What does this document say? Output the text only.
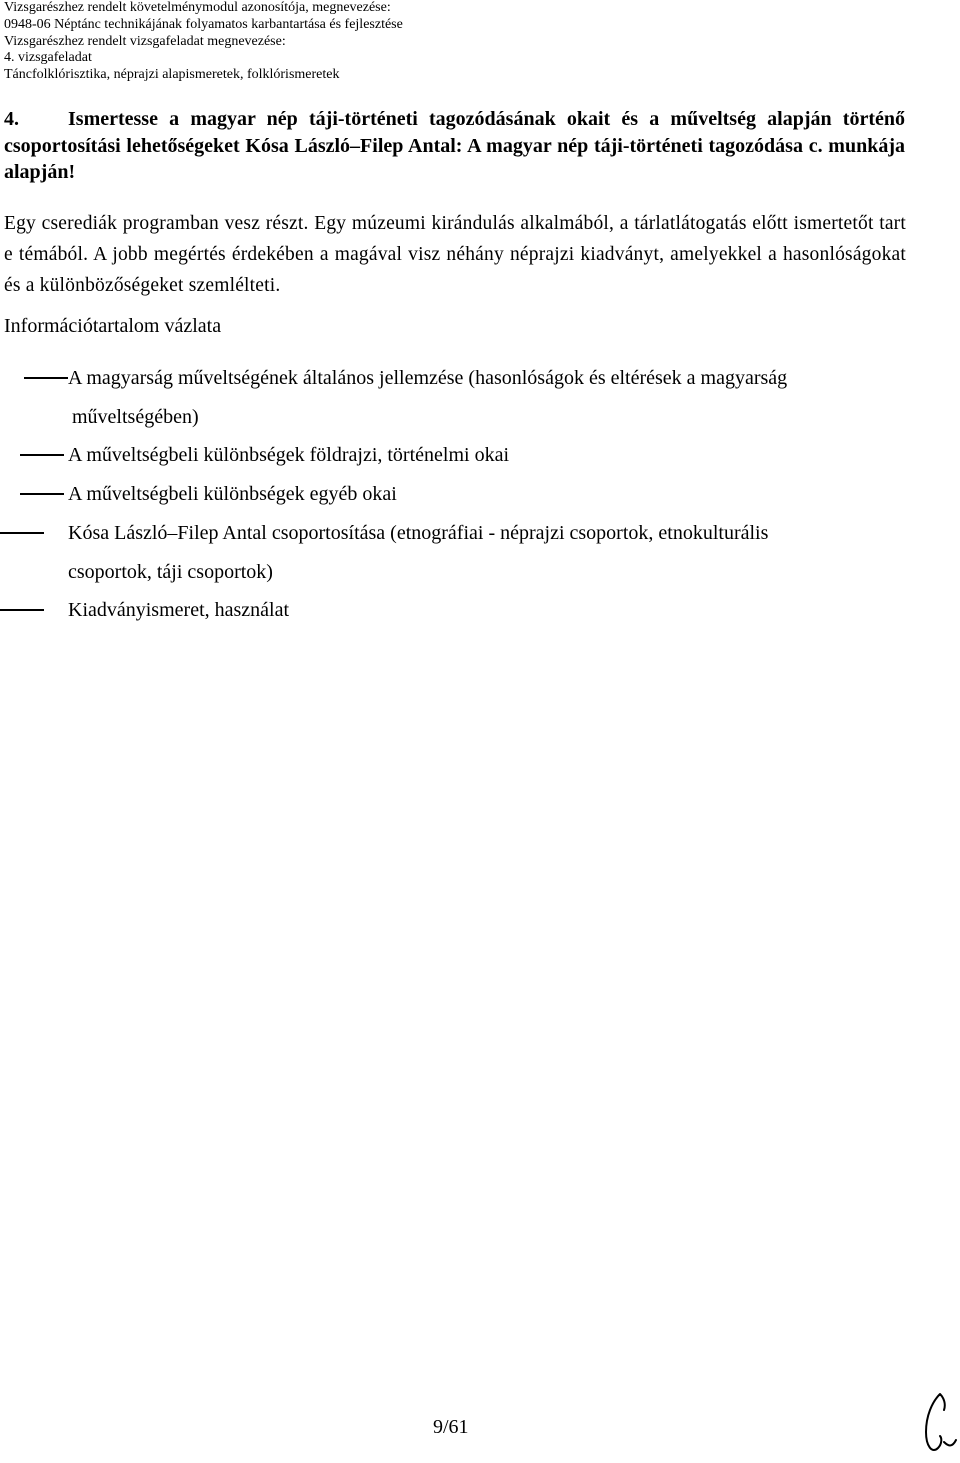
Vizsgarészhez rendelt követelménymodul azonosítója, megnevezése:
0948-06 Néptánc technikájának folyamatos karbantartása és fejlesztése
Vizsgarészhez rendelt vizsgafeladat megnevezése:
4. vizsgafeladat
Táncfolklórisztika, néprajzi alapismeretek, folklórismeretek
4. Ismertesse a magyar nép táji-történeti tagozódásának okait és a műveltség alapján történő csoportosítási lehetőségeket Kósa László–Filep Antal: A magyar nép táji-történeti tagozódása c. munkája alapján!
Egy cserediák programban vesz részt. Egy múzeumi kirándulás alkalmából, a tárlatlátogatás előtt ismertetőt tart e témából. A jobb megértés érdekében a magával visz néhány néprajzi kiadványt, amelyekkel a hasonlóságokat és a különbözőségeket szemlélteti.
Információtartalom vázlata
A magyarság műveltségének általános jellemzése (hasonlóságok és eltérések a magyarság
műveltségében)
A műveltségbeli különbségek földrajzi, történelmi okai
A műveltségbeli különbségek egyéb okai
Kósa László–Filep Antal csoportosítása (etnográfiai - néprajzi csoportok, etnokulturális
csoportok, táji csoportok)
Kiadványismeret, használat
9/61
